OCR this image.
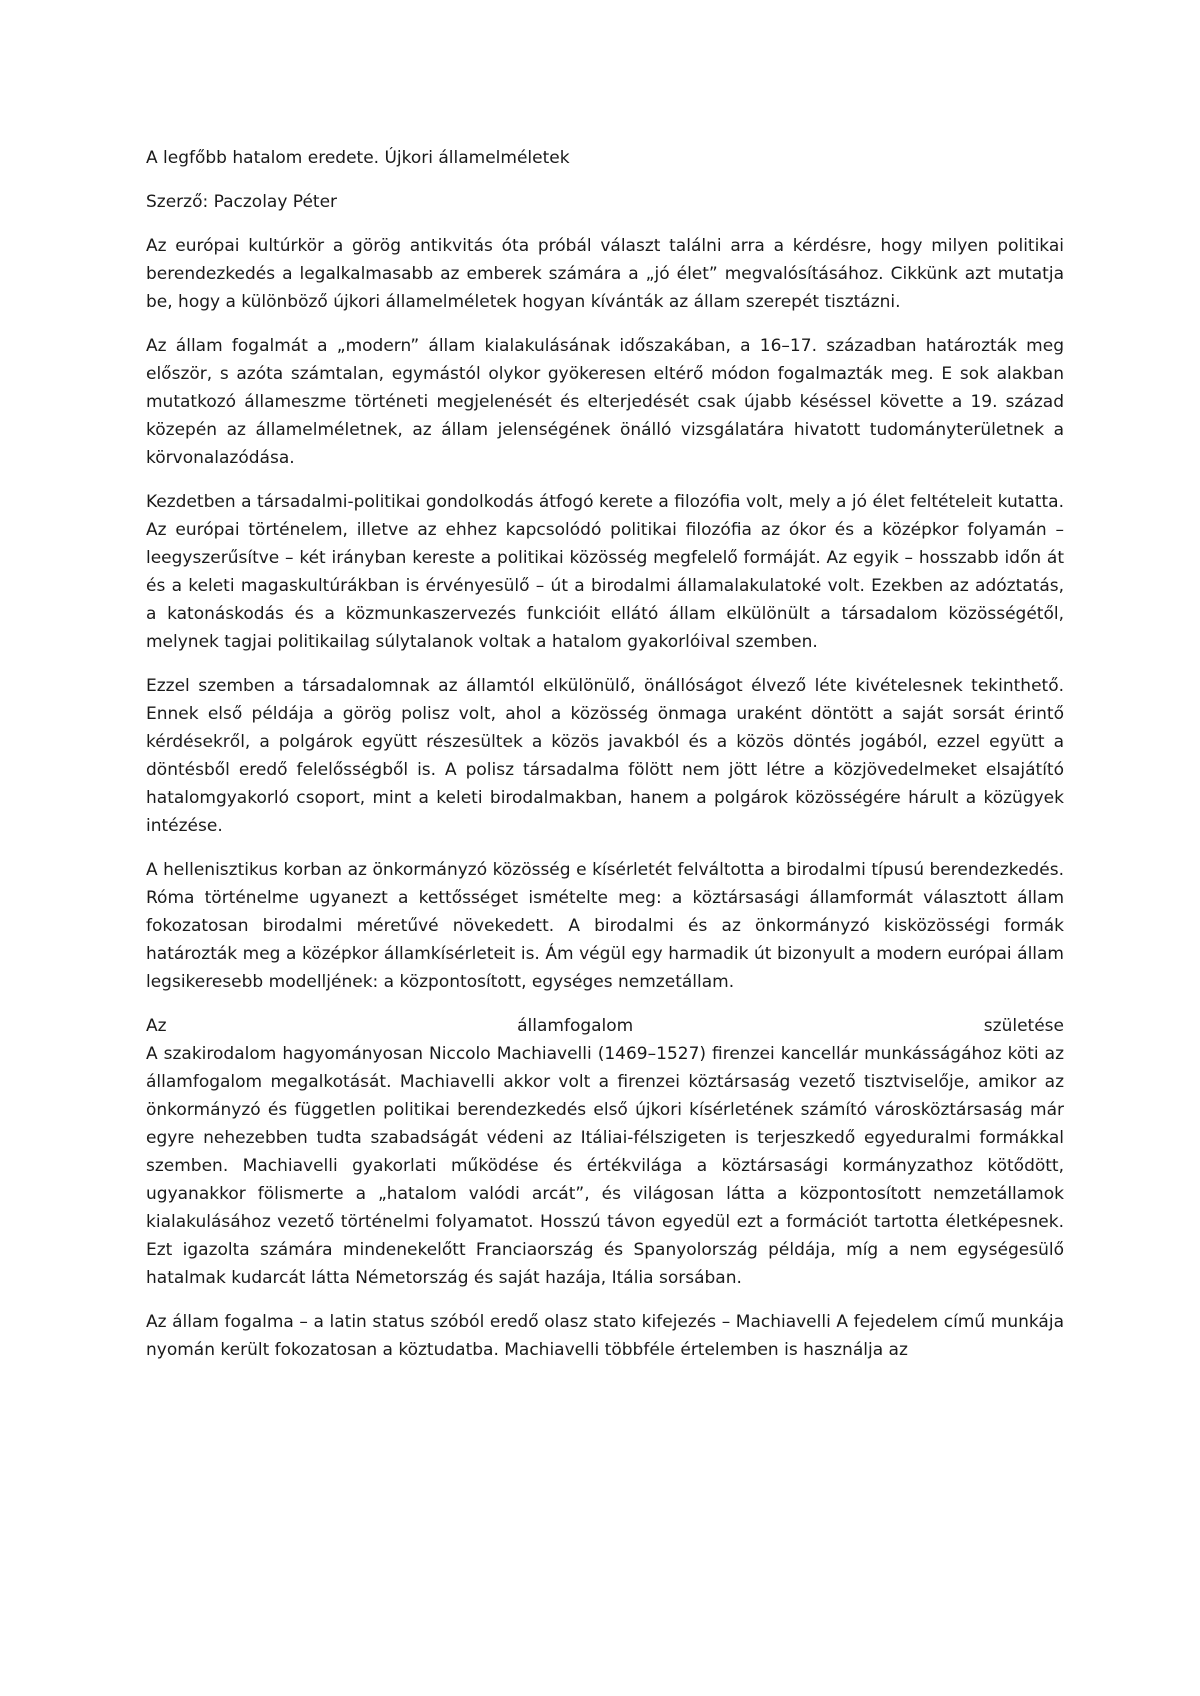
A legfőbb hatalom eredete. Újkori államelméletek

Szerző: Paczolay Péter

Az európai kultúrkör a görög antikvitás óta próbál választ találni arra a kérdésre, hogy milyen politikai berendezkedés a legalkalmasabb az emberek számára a „jó élet” megvalósításához. Cikkünk azt mutatja be, hogy a különböző újkori államelméletek hogyan kívánták az állam szerepét tisztázni.

Az állam fogalmát a „modern” állam kialakulásának időszakában, a 16–17. században határozták meg először, s azóta számtalan, egymástól olykor gyökeresen eltérő módon fogalmazták meg. E sok alakban mutatkozó állameszme történeti megjelenését és elterjedését csak újabb késéssel követte a 19. század közepén az államelméletnek, az állam jelenségének önálló vizsgálatára hivatott tudományterületnek a körvonalazódása.

Kezdetben a társadalmi-politikai gondolkodás átfogó kerete a filozófia volt, mely a jó élet feltételeit kutatta. Az európai történelem, illetve az ehhez kapcsolódó politikai filozófia az ókor és a középkor folyamán – leegyszerűsítve – két irányban kereste a politikai közösség megfelelő formáját. Az egyik – hosszabb időn át és a keleti magaskultúrákban is érvényesülő – út a birodalmi államalakulatoké volt. Ezekben az adóztatás, a katonáskodás és a közmunkaszervezés funkcióit ellátó állam elkülönült a társadalom közösségétől, melynek tagjai politikailag súlytalanok voltak a hatalom gyakorlóival szemben.

Ezzel szemben a társadalomnak az államtól elkülönülő, önállóságot élvező léte kivételesnek tekinthető. Ennek első példája a görög polisz volt, ahol a közösség önmaga uraként döntött a saját sorsát érintő kérdésekről, a polgárok együtt részesültek a közös javakból és a közös döntés jogából, ezzel együtt a döntésből eredő felelősségből is. A polisz társadalma fölött nem jött létre a közjövedelmeket elsajátító hatalomgyakorló csoport, mint a keleti birodalmakban, hanem a polgárok közösségére hárult a közügyek intézése.

A hellenisztikus korban az önkormányzó közösség e kísérletét felváltotta a birodalmi típusú berendezkedés. Róma történelme ugyanezt a kettősséget ismételte meg: a köztársasági államformát választott állam fokozatosan birodalmi méretűvé növekedett. A birodalmi és az önkormányzó kisközösségi formák határozták meg a középkor államkísérleteit is. Ám végül egy harmadik út bizonyult a modern európai állam legsikeresebb modelljének: a központosított, egységes nemzetállam.

Az államfogalom születése

A szakirodalom hagyományosan Niccolo Machiavelli (1469–1527) firenzei kancellár munkásságához köti az államfogalom megalkotását. Machiavelli akkor volt a firenzei köztársaság vezető tisztviselője, amikor az önkormányzó és független politikai berendezkedés első újkori kísérletének számító városköztársaság már egyre nehezebben tudta szabadságát védeni az Itáliai-félszigeten is terjeszkedő egyeduralmi formákkal szemben. Machiavelli gyakorlati működése és értékvilága a köztársasági kormányzathoz kötődött, ugyanakkor fölismerte a „hatalom valódi arcát”, és világosan látta a központosított nemzetállamok kialakulásához vezető történelmi folyamatot. Hosszú távon egyedül ezt a formációt tartotta életképesnek. Ezt igazolta számára mindenekelőtt Franciaország és Spanyolország példája, míg a nem egységesülő hatalmak kudarcát látta Németország és saját hazája, Itália sorsában.

Az állam fogalma – a latin status szóból eredő olasz stato kifejezés – Machiavelli A fejedelem című munkája nyomán került fokozatosan a köztudatba. Machiavelli többféle értelemben is használja az
